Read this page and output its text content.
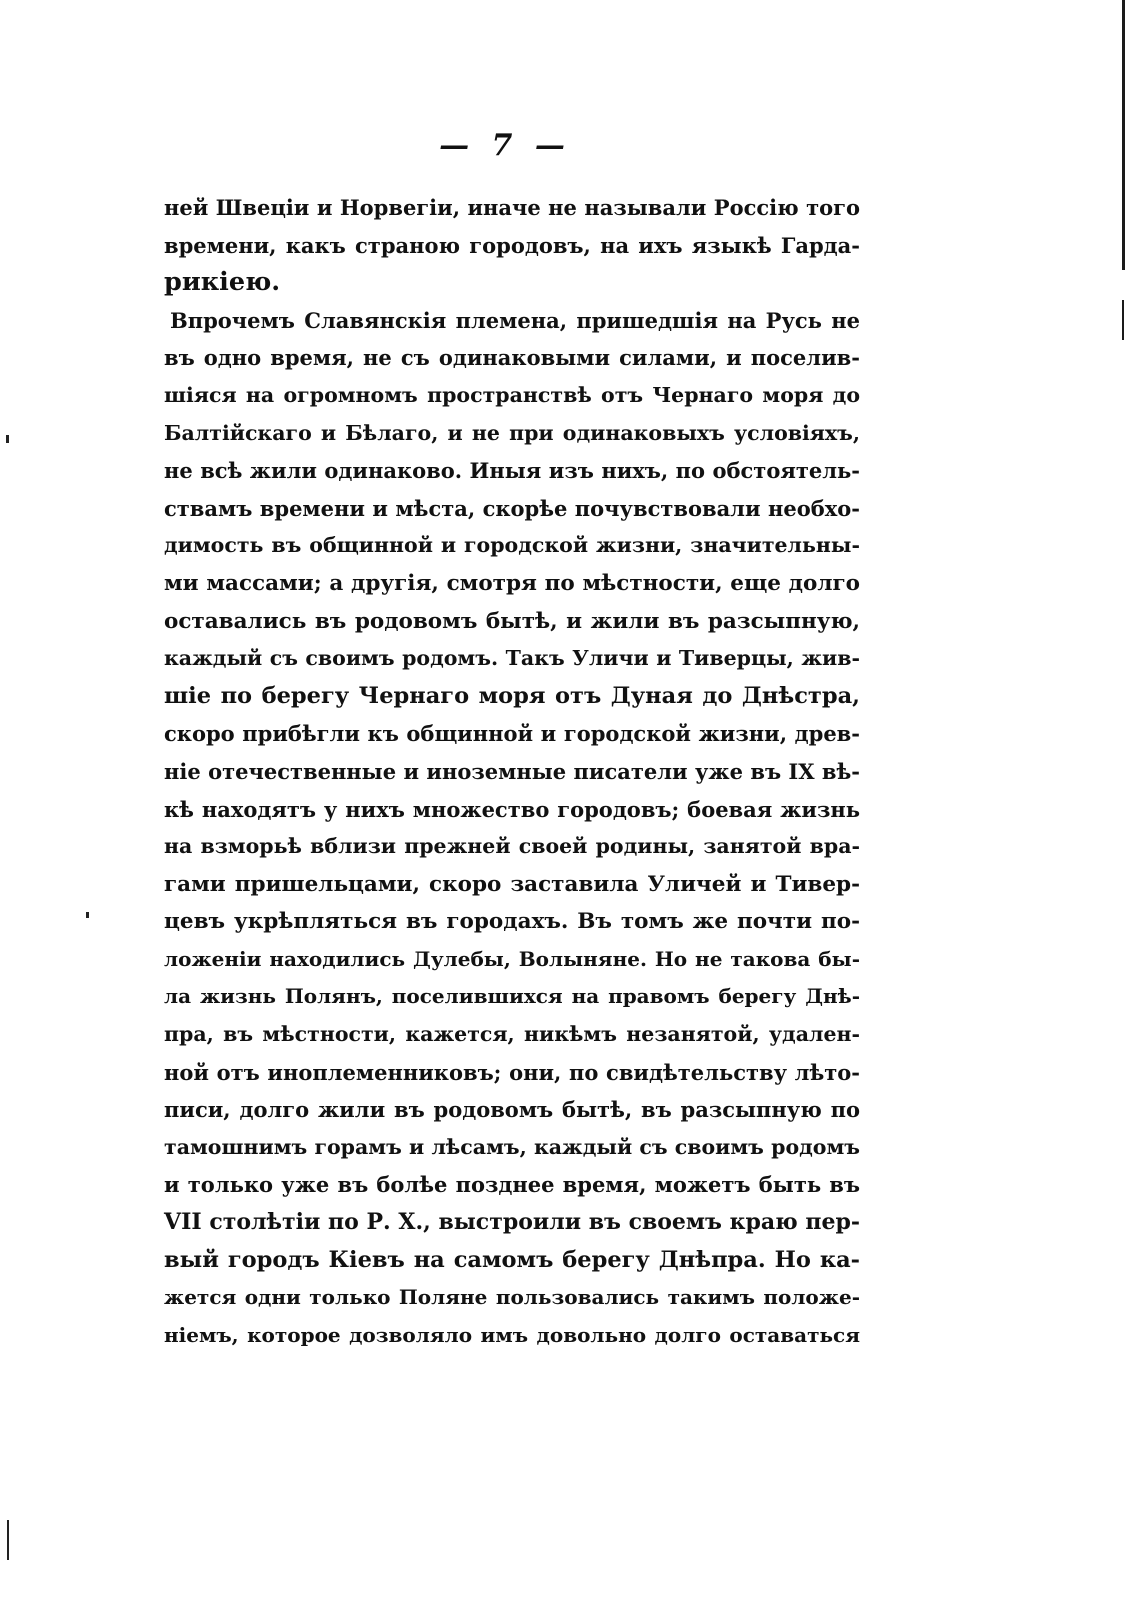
— 7 —
ней Швеціи и Норвегіи, иначе не называли Россію того
времени, какъ страною городовъ, на ихъ языкѣ Гарда-
рикіею.
Впрочемъ Славянскія племена, пришедшія на Русь не
въ одно время, не съ одинаковыми силами, и поселив-
шіяся на огромномъ пространствѣ отъ Чернаго моря до
Балтійскаго и Бѣлаго, и не при одинаковыхъ условіяхъ,
не всѣ жили одинаково. Иныя изъ нихъ, по обстоятель-
ствамъ времени и мѣста, скорѣе почувствовали необхо-
димость въ общинной и городской жизни, значительны-
ми массами; а другія, смотря по мѣстности, еще долго
оставались въ родовомъ бытѣ, и жили въ разсыпную,
каждый съ своимъ родомъ. Такъ Уличи и Тиверцы, жив-
шіе по берегу Чернаго моря отъ Дуная до Днѣстра,
скоро прибѣгли къ общинной и городской жизни, древ-
ніе отечественные и иноземные писатели уже въ IX вѣ-
кѣ находятъ у нихъ множество городовъ; боевая жизнь
на взморьѣ вблизи прежней своей родины, занятой вра-
гами пришельцами, скоро заставила Уличей и Тивер-
цевъ укрѣпляться въ городахъ. Въ томъ же почти по-
ложеніи находились Дулебы, Волыняне. Но не такова бы-
ла жизнь Полянъ, поселившихся на правомъ берегу Днѣ-
пра, въ мѣстности, кажется, никѣмъ незанятой, удален-
ной отъ иноплеменниковъ; они, по свидѣтельству лѣто-
писи, долго жили въ родовомъ бытѣ, въ разсыпную по
тамошнимъ горамъ и лѣсамъ, каждый съ своимъ родомъ
и только уже въ болѣе позднее время, можетъ быть въ
VII столѣтіи по Р. Х., выстроили въ своемъ краю пер-
вый городъ Кіевъ на самомъ берегу Днѣпра. Но ка-
жется одни только Поляне пользовались такимъ положе-
ніемъ, которое дозволяло имъ довольно долго оставаться
